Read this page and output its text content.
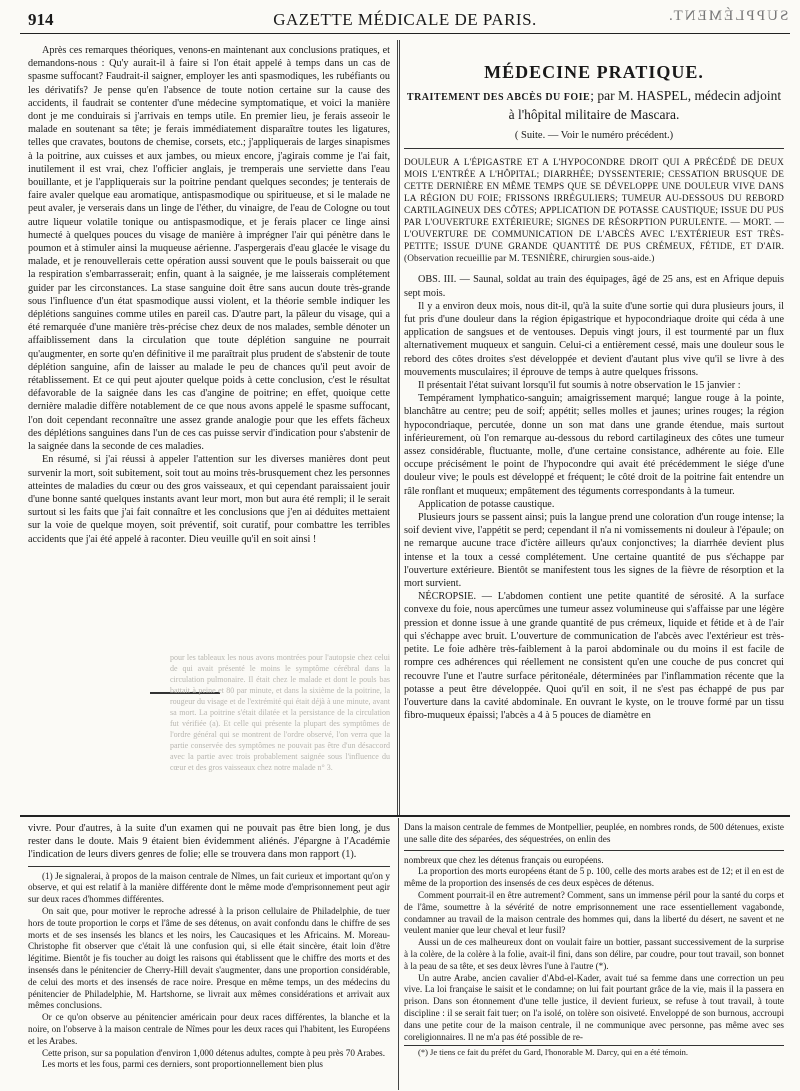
914	GAZETTE MÉDICALE DE PARIS.	SUPPLÉMENT.

Après ces remarques théoriques, venons-en maintenant aux conclusions pratiques, et demandons-nous : Qu'y aurait-il à faire si l'on était appelé à temps dans un cas de spasme suffocant? Faudrait-il saigner, employer les anti spasmodiques, les rubéfiants ou les dérivatifs? Je pense qu'en l'absence de toute notion certaine sur la cause des accidents, il faudrait se contenter d'une médecine symptomatique, et voici la manière dont je me conduirais si j'arrivais en temps utile. En premier lieu, je ferais asseoir le malade en soutenant sa tête; je ferais immédiatement disparaître toutes les ligatures, telles que cravates, boutons de chemise, corsets, etc.; j'appliquerais de larges sinapismes à la poitrine, aux cuisses et aux jambes, ou mieux encore, j'agirais comme je l'ai fait, inutilement il est vrai, chez l'officier anglais, je tremperais une serviette dans l'eau bouillante, et je l'appliquerais sur la poitrine pendant quelques secondes; je tenterais de faire avaler quelque eau aromatique, antispasmodique ou spiritueuse, et si le malade ne peut avaler, je verserais dans un linge de l'éther, du vinaigre, de l'eau de Cologne ou tout autre liqueur volatile tonique ou antispasmodique, et je ferais placer ce linge ainsi humecté à quelques pouces du visage de manière à imprégner l'air qui pénètre dans le poumon et à stimuler ainsi la muqueuse aérienne. J'aspergerais d'eau glacée le visage du malade, et je renouvellerais cette opération aussi souvent que le pouls baisserait ou que la respiration s'embarrasserait; enfin, quant à la saignée, je me laisserais complétement guider par les circonstances. La stase sanguine doit être sans aucun doute très-grande sous l'influence d'un état spasmodique aussi violent, et la théorie semble indiquer les déplétions sanguines comme utiles en pareil cas. D'autre part, la pâleur du visage, qui a été remarquée d'une manière très-précise chez deux de nos malades, semble dénoter un affaiblissement dans la circulation que toute déplétion sanguine ne pourrait qu'augmenter, en sorte qu'en définitive il me paraîtrait plus prudent de s'abstenir de toute déplétion sanguine, afin de laisser au malade le peu de chances qu'il peut avoir de rétablissement. Et ce qui peut ajouter quelque poids à cette conclusion, c'est le résultat défavorable de la saignée dans les cas d'angine de poitrine; en effet, quoique cette dernière maladie diffère notablement de ce que nous avons appelé le spasme suffocant, l'on doit cependant reconnaître une assez grande analogie pour que les effets fâcheux des déplétions sanguines dans l'un de ces cas puisse servir d'indication pour s'abstenir de la saignée dans la seconde de ces maladies.

En résumé, si j'ai réussi à appeler l'attention sur les diverses manières dont peut survenir la mort, soit subitement, soit tout au moins très-brusquement chez les personnes atteintes de maladies du cœur ou des gros vaisseaux, et qui cependant paraissaient jouir d'une bonne santé quelques instants avant leur mort, mon but aura été rempli; il le serait surtout si les faits que j'ai fait connaître et les conclusions que j'en ai déduites mettaient sur la voie de quelque moyen, soit préventif, soit curatif, pour combattre les terribles accidents que j'ai été appelé à raconter. Dieu veuille qu'il en soit ainsi !

pour les tableaux les nous avons montrées pour l'autopsie chez celui de qui avait présenté le moins le symptôme cérébral dans la circulation pulmonaire. Il était chez le malade et dont le pouls bas battait à peine et 80 par minute, et dans la sixième de la poitrine, la rougeur du visage et de l'extrémité qui était déjà à une minute, avant sa mort. La poitrine s'était dilatée et la persistance de la circulation fut vérifiée (a). Et celle qui présente la plupart des symptômes de l'ordre général qui se montrent de l'ordre observé, l'on verra que la partie conservée des symptômes ne pouvait pas être d'un désaccord avec la partie avec trois probablement saignée sous l'influence du cœur et des gros vaisseaux chez notre malade n° 3.
MÉDECINE PRATIQUE.
TRAITEMENT DES ABCÈS DU FOIE; par M. HASPEL, médecin adjoint à l'hôpital militaire de Mascara.
( Suite. — Voir le numéro précédent.)
DOULEUR A L'ÉPIGASTRE ET A L'HYPOCONDRE DROIT QUI A PRÉCÉDÉ DE DEUX MOIS L'ENTRÉE A L'HÔPITAL; DIARRHÉE; DYSSENTERIE; CESSATION BRUSQUE DE CETTE DERNIÈRE EN MÊME TEMPS QUE SE DÉVELOPPE UNE DOULEUR VIVE DANS LA RÉGION DU FOIE; FRISSONS IRRÉGULIERS; TUMEUR AU-DESSOUS DU REBORD CARTILAGINEUX DES CÔTES; APPLICATION DE POTASSE CAUSTIQUE; ISSUE DU PUS PAR L'OUVERTURE EXTÉRIEURE; SIGNES DE RÉSORPTION PURULENTE. — MORT. — L'OUVERTURE DE COMMUNICATION DE L'ABCÈS AVEC L'EXTÉRIEUR EST TRÈS-PETITE; ISSUE D'UNE GRANDE QUANTITÉ DE PUS CRÉMEUX, FÉTIDE, ET D'AIR. (Observation recueillie par M. TESNIÈRE, chirurgien sous-aide.)

OBS. III. — Saunal, soldat au train des équipages, âgé de 25 ans, est en Afrique depuis sept mois.

Il y a environ deux mois, nous dit-il, qu'à la suite d'une sortie qui dura plusieurs jours, il fut pris d'une douleur dans la région épigastrique et hypocondriaque droite qui céda à une application de sangsues et de ventouses. Depuis vingt jours, il est tourmenté par un flux alternativement muqueux et sanguin. Celui-ci a entièrement cessé, mais une douleur sous le rebord des côtes droites s'est développée et devient d'autant plus vive qu'il se livre à des mouvements musculaires; il éprouve de temps à autre quelques frissons.

Il présentait l'état suivant lorsqu'il fut soumis à notre observation le 15 janvier :

Tempérament lymphatico-sanguin; amaigrissement marqué; langue rouge à la pointe, blanchâtre au centre; peu de soif; appétit; selles molles et jaunes; urines rouges; la région hypocondriaque, percutée, donne un son mat dans une grande étendue, mais surtout inférieurement, où l'on remarque au-dessous du rebord cartilagineux des côtes une tumeur assez considérable, fluctuante, molle, d'une certaine consistance, adhérente au foie. Elle occupe précisément le point de l'hypocondre qui avait été précédemment le siége d'une douleur vive; le pouls est développé et fréquent; le côté droit de la poitrine fait entendre un râle ronflant et muqueux; empâtement des téguments correspondants à la tumeur.

Application de potasse caustique.

Plusieurs jours se passent ainsi; puis la langue prend une coloration d'un rouge intense; la soif devient vive, l'appétit se perd; cependant il n'a ni vomissements ni douleur à l'épaule; on ne remarque aucune trace d'ictère ailleurs qu'aux conjonctives; la diarrhée devient plus intense et la toux a cessé complétement. Une certaine quantité de pus s'échappe par l'ouverture extérieure. Bientôt se manifestent tous les signes de la fièvre de résorption et la mort survient.

NÉCROPSIE. — L'abdomen contient une petite quantité de sérosité. A la surface convexe du foie, nous apercûmes une tumeur assez volumineuse qui s'affaisse par une légère pression et donne issue à une grande quantité de pus crémeux, liquide et fétide et à de l'air qui s'échappe avec bruit. L'ouverture de communication de l'abcès avec l'extérieur est très-petite. Le foie adhère très-faiblement à la paroi abdominale ou du moins il est facile de rompre ces adhérences qui réellement ne consistent qu'en une couche de pus concret qui recouvre l'une et l'autre surface péritonéale, déterminées par l'inflammation récente que la potasse a peut être développée. Quoi qu'il en soit, il ne s'est pas échappé de pus par l'ouverture dans la cavité abdominale. En ouvrant le kyste, on le trouve formé par un tissu fibro-muqueux épaissi; l'abcès a 4 à 5 pouces de diamètre en

vivre. Pour d'autres, à la suite d'un examen qui ne pouvait pas être bien long, je dus rester dans le doute. Mais 9 étaient bien évidemment aliénés. J'épargne à l'Académie l'indication de leurs divers genres de folie; elle se trouvera dans mon rapport (1).

(1) Je signalerai, à propos de la maison centrale de Nîmes, un fait curieux et important qu'on y observe, et qui est relatif à la manière différente dont le même mode d'emprisonnement peut agir sur deux races d'hommes différentes.

On sait que, pour motiver le reproche adressé à la prison cellulaire de Philadelphie, de tuer hors de toute proportion le corps et l'âme de ses détenus, on avait confondu dans le chiffre de ses morts et de ses insensés les blancs et les noirs, les Caucasiques et les Africains. M. Moreau-Christophe fit observer que c'était là une confusion qui, si elle était sincère, était loin d'être légitime. Bientôt je fis toucher au doigt les raisons qui établissent que le chiffre des morts et des insensés dans le pénitencier de Cherry-Hill devait s'augmenter, dans une proportion considérable, de celui des morts et des insensés de race noire. Presque en même temps, un des médecins du pénitencier de Philadelphie, M. Hartshorne, se livrait aux mêmes considérations et arrivait aux mêmes conclusions.

Or ce qu'on observe au pénitencier américain pour deux races différentes, la blanche et la noire, on l'observe à la maison centrale de Nîmes pour les deux races qui l'habitent, les Européens et les Arabes.

Cette prison, sur sa population d'environ 1,000 détenus adultes, compte à peu près 70 Arabes.

Les morts et les fous, parmi ces derniers, sont proportionnellement bien plus

Dans la maison centrale de femmes de Montpellier, peuplée, en nombres ronds, de 500 détenues, existe une salle dite des séparées, des séquestrées, on enlin des

nombreux que chez les détenus français ou européens.

La proportion des morts européens étant de 5 p. 100, celle des morts arabes est de 12; et il en est de même de la proportion des insensés de ces deux espèces de détenus.

Comment pourrait-il en être autrement? Comment, sans un immense péril pour la santé du corps et de l'âme, soumettre à la sévérité de notre emprisonnement une race essentiellement vagabonde, condamner au travail de la maison centrale des hommes qui, dans la liberté du désert, ne savent et ne veulent manier que leur cheval et leur fusil?

Aussi un de ces malheureux dont on voulait faire un bottier, passant successivement de la surprise à la colère, de la colère à la folie, avait-il fini, dans son délire, par coudre, pour tout travail, son bonnet à la peau de sa tête, et ses deux lèvres l'une à l'autre (*).

Un autre Arabe, ancien cavalier d'Abd-el-Kader, avait tué sa femme dans une correction un peu vive. La loi française le saisit et le condamne; on lui fait pourtant grâce de la vie, mais il la passera en prison. Dans son étonnement d'une telle justice, il devient furieux, se refuse à tout travail, à toute discipline : il se serait fait tuer; on l'a isolé, on tolère son oisiveté. Enveloppé de son burnous, accroupi dans une petite cour de la maison centrale, il ne communique avec personne, pas même avec ses coreligionnaires. Il ne m'a pas été possible de re-

(*) Je tiens ce fait du préfet du Gard, l'honorable M. Darcy, qui en a été témoin.
